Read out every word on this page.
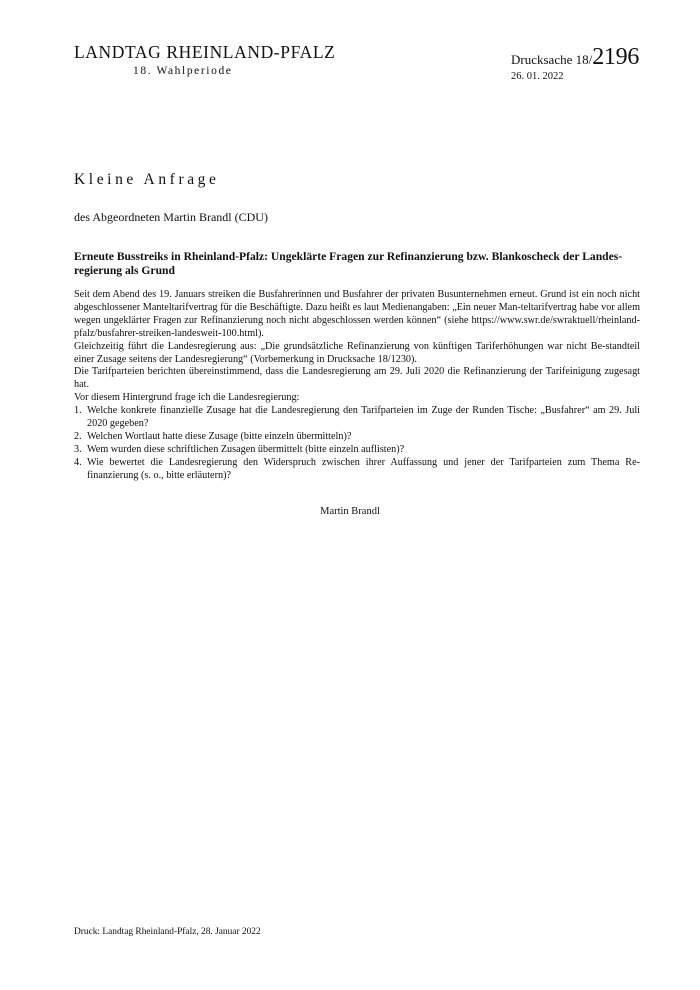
LANDTAG RHEINLAND-PFALZ
18. Wahlperiode
Drucksache 18/2196
26. 01. 2022
Kleine Anfrage
des Abgeordneten Martin Brandl (CDU)
Erneute Busstreiks in Rheinland-Pfalz: Ungeklärte Fragen zur Refinanzierung bzw. Blankoscheck der Landes-regierung als Grund

Seit dem Abend des 19. Januars streiken die Busfahrerinnen und Busfahrer der privaten Busunternehmen erneut. Grund ist ein noch nicht abgeschlossener Manteltarifvertrag für die Beschäftigte. Dazu heißt es laut Medienangaben: „Ein neuer Man-teltarifvertrag habe vor allem wegen ungeklärter Fragen zur Refinanzierung noch nicht abgeschlossen werden können“ (siehe https://www.swr.de/swraktuell/rheinland-pfalz/busfahrer-streiken-landesweit-100.html).

Gleichzeitig führt die Landesregierung aus: „Die grundsätzliche Refinanzierung von künftigen Tariferhöhungen war nicht Be-standteil einer Zusage seitens der Landesregierung“ (Vorbemerkung in Drucksache 18/1230).

Die Tarifparteien berichten übereinstimmend, dass die Landesregierung am 29. Juli 2020 die Refinanzierung der Tarifeinigung zugesagt hat.

Vor diesem Hintergrund frage ich die Landesregierung:

1. Welche konkrete finanzielle Zusage hat die Landesregierung den Tarifparteien im Zuge der Runden Tische: „Busfahrer“ am 29. Juli 2020 gegeben?
2. Welchen Wortlaut hatte diese Zusage (bitte einzeln übermitteln)?
3. Wem wurden diese schriftlichen Zusagen übermittelt (bitte einzeln auflisten)?
4. Wie bewertet die Landesregierung den Widerspruch zwischen ihrer Auffassung und jener der Tarifparteien zum Thema Re-finanzierung (s. o., bitte erläutern)?
Martin Brandl
Druck: Landtag Rheinland-Pfalz, 28. Januar 2022
